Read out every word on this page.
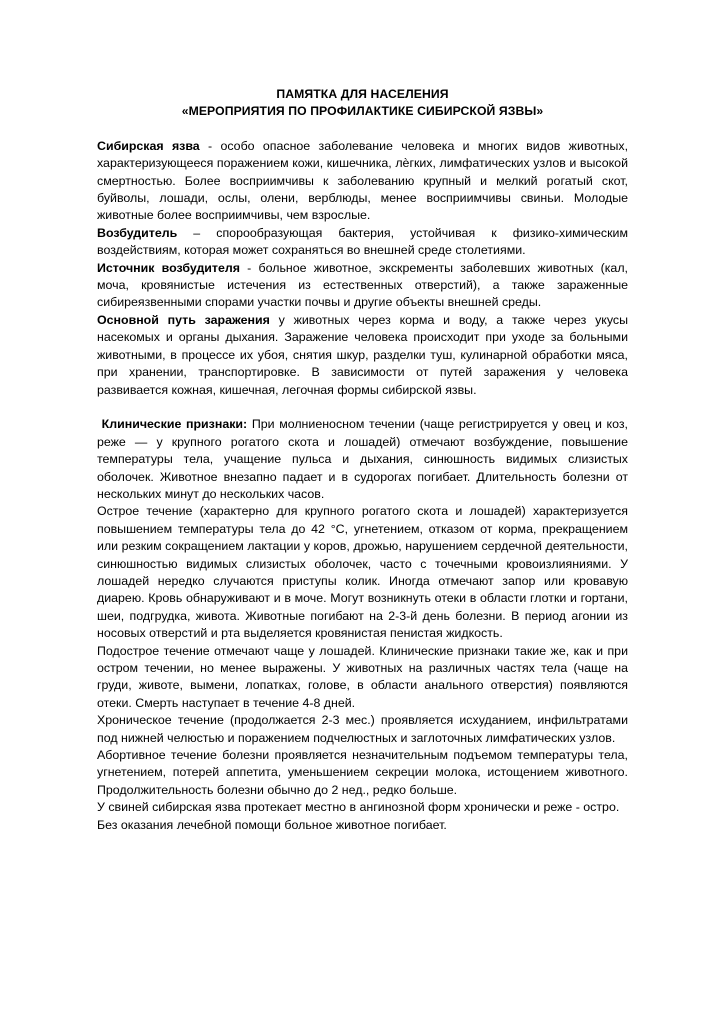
ПАМЯТКА ДЛЯ НАСЕЛЕНИЯ
«МЕРОПРИЯТИЯ ПО ПРОФИЛАКТИКЕ СИБИРСКОЙ ЯЗВЫ»

Сибирская язва - особо опасное заболевание человека и многих видов животных, характеризующееся поражением кожи, кишечника, лѐгких, лимфатических узлов и высокой смертностью. Более восприимчивы к заболеванию крупный и мелкий рогатый скот, буйволы, лошади, ослы, олени, верблюды, менее восприимчивы свиньи. Молодые животные более восприимчивы, чем взрослые.

Возбудитель – спорообразующая бактерия, устойчивая к физико-химическим воздействиям, которая может сохраняться во внешней среде столетиями.

Источник возбудителя - больное животное, экскременты заболевших животных (кал, моча, кровянистые истечения из естественных отверстий), а также зараженные сибиреязвенными спорами участки почвы и другие объекты внешней среды.

Основной путь заражения у животных через корма и воду, а также через укусы насекомых и органы дыхания. Заражение человека происходит при уходе за больными животными, в процессе их убоя, снятия шкур, разделки туш, кулинарной обработки мяса, при хранении, транспортировке. В зависимости от путей заражения у человека развивается кожная, кишечная, легочная формы сибирской язвы.

Клинические признаки: При молниеносном течении (чаще регистрируется у овец и коз, реже — у крупного рогатого скота и лошадей) отмечают возбуждение, повышение температуры тела, учащение пульса и дыхания, синюшность видимых слизистых оболочек. Животное внезапно падает и в судорогах погибает. Длительность болезни от нескольких минут до нескольких часов.

Острое течение (характерно для крупного рогатого скота и лошадей) характеризуется повышением температуры тела до 42 °С, угнетением, отказом от корма, прекращением или резким сокращением лактации у коров, дрожью, нарушением сердечной деятельности, синюшностью видимых слизистых оболочек, часто с точечными кровоизлияниями. У лошадей нередко случаются приступы колик. Иногда отмечают запор или кровавую диарею. Кровь обнаруживают и в моче. Могут возникнуть отеки в области глотки и гортани, шеи, подгрудка, живота. Животные погибают на 2-3-й день болезни. В период агонии из носовых отверстий и рта выделяется кровянистая пенистая жидкость.

Подострое течение отмечают чаще у лошадей. Клинические признаки такие же, как и при остром течении, но менее выражены. У животных на различных частях тела (чаще на груди, животе, вымени, лопатках, голове, в области анального отверстия) появляются отеки. Смерть наступает в течение 4-8 дней.

Хроническое течение (продолжается 2-3 мес.) проявляется исхуданием, инфильтратами под нижней челюстью и поражением подчелюстных и заглоточных лимфатических узлов.

Абортивное течение болезни проявляется незначительным подъемом температуры тела, угнетением, потерей аппетита, уменьшением секреции молока, истощением животного. Продолжительность болезни обычно до 2 нед., редко больше.

У свиней сибирская язва протекает местно в ангинозной форм хронически и реже - остро.

Без оказания лечебной помощи больное животное погибает.
